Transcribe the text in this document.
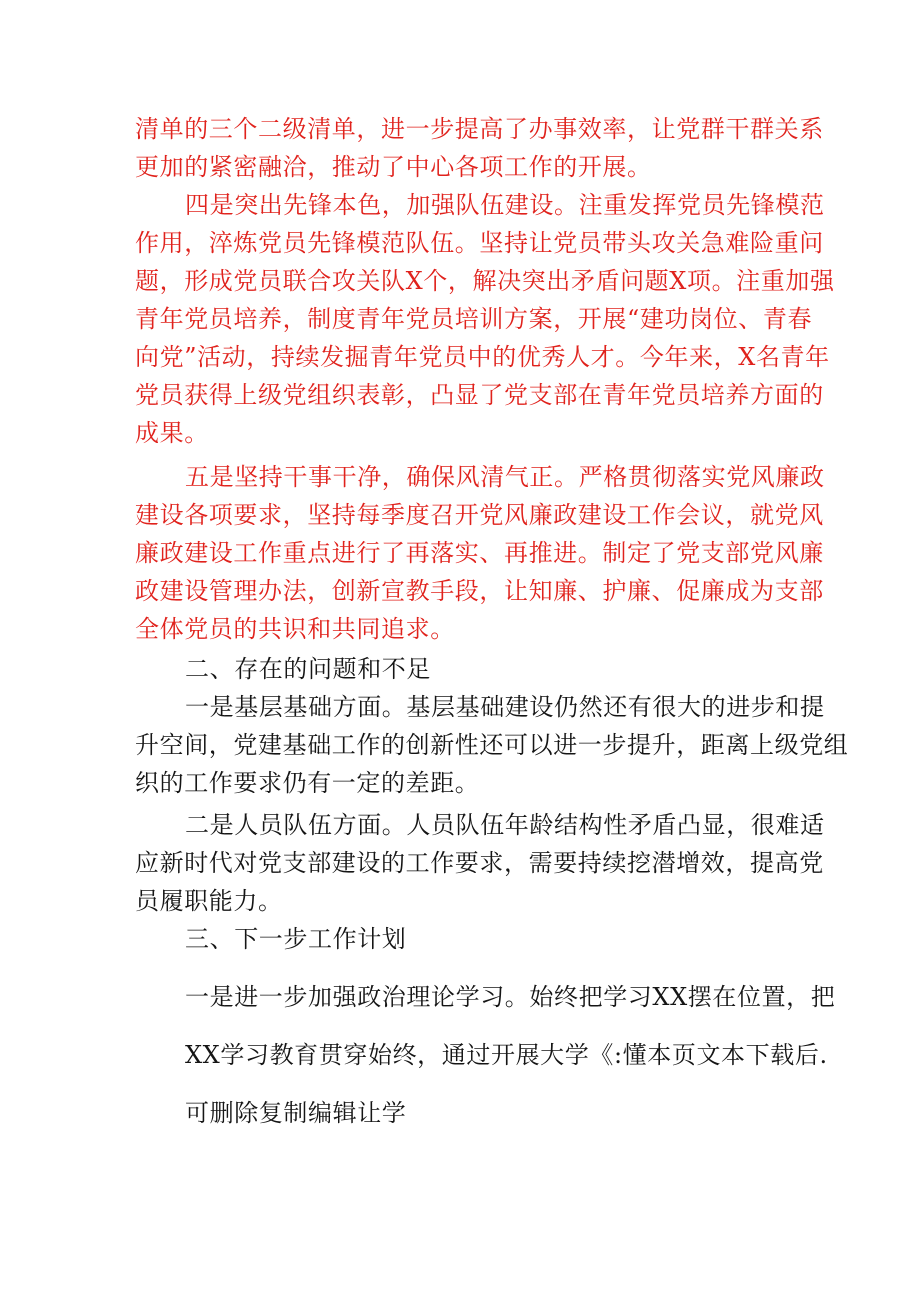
清单的三个二级清单，进一步提高了办事效率，让党群干群关系

更加的紧密融洽，推动了中心各项工作的开展。

四是突出先锋本色，加强队伍建设。注重发挥党员先锋模范

作用，淬炼党员先锋模范队伍。坚持让党员带头攻关急难险重问

题，形成党员联合攻关队X个，解决突出矛盾问题X项。注重加强

青年党员培养，制度青年党员培训方案，开展“建功岗位、青春

向党”活动，持续发掘青年党员中的优秀人才。今年来，X名青年

党员获得上级党组织表彰，凸显了党支部在青年党员培养方面的

成果。

五是坚持干事干净，确保风清气正。严格贯彻落实党风廉政

建设各项要求，坚持每季度召开党风廉政建设工作会议，就党风

廉政建设工作重点进行了再落实、再推进。制定了党支部党风廉

政建设管理办法，创新宣教手段，让知廉、护廉、促廉成为支部

全体党员的共识和共同追求。

二、存在的问题和不足

一是基层基础方面。基层基础建设仍然还有很大的进步和提

升空间，党建基础工作的创新性还可以进一步提升，距离上级党组

织的工作要求仍有一定的差距。

二是人员队伍方面。人员队伍年龄结构性矛盾凸显，很难适

应新时代对党支部建设的工作要求，需要持续挖潜增效，提高党

员履职能力。

三、下一步工作计划

一是进一步加强政治理论学习。始终把学习XX摆在位置，把

XX学习教育贯穿始终，通过开展大学《:懂本页文本下载后.

可删除复制编辑让学
